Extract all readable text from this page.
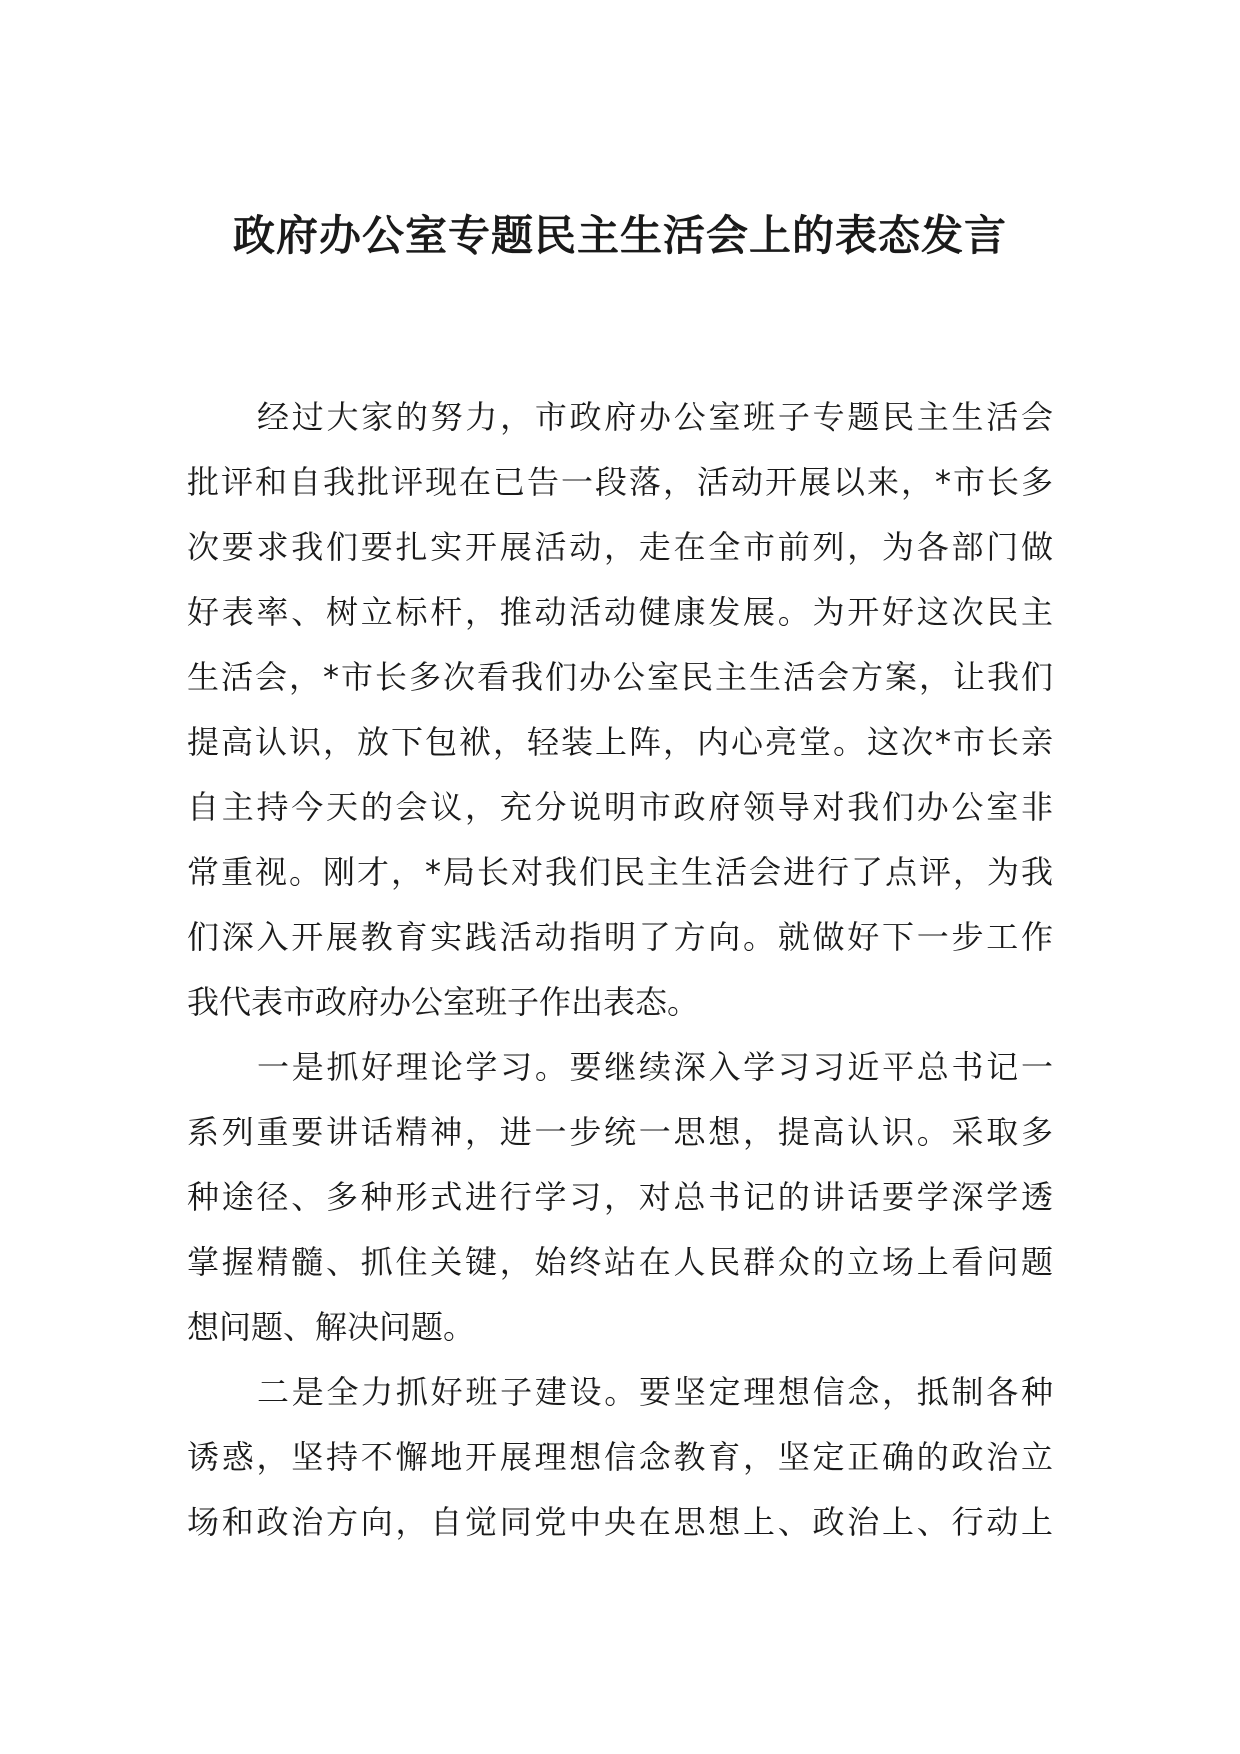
政府办公室专题民主生活会上的表态发言
经过大家的努力，市政府办公室班子专题民主生活会
批评和自我批评现在已告一段落，活动开展以来，*市长多
次要求我们要扎实开展活动，走在全市前列，为各部门做
好表率、树立标杆，推动活动健康发展。为开好这次民主
生活会，*市长多次看我们办公室民主生活会方案，让我们
提高认识，放下包袱，轻装上阵，内心亮堂。这次*市长亲
自主持今天的会议，充分说明市政府领导对我们办公室非
常重视。刚才，*局长对我们民主生活会进行了点评，为我
们深入开展教育实践活动指明了方向。就做好下一步工作
我代表市政府办公室班子作出表态。
一是抓好理论学习。要继续深入学习习近平总书记一
系列重要讲话精神，进一步统一思想，提高认识。采取多
种途径、多种形式进行学习，对总书记的讲话要学深学透
掌握精髓、抓住关键，始终站在人民群众的立场上看问题
想问题、解决问题。
二是全力抓好班子建设。要坚定理想信念，抵制各种
诱惑，坚持不懈地开展理想信念教育，坚定正确的政治立
场和政治方向，自觉同党中央在思想上、政治上、行动上
